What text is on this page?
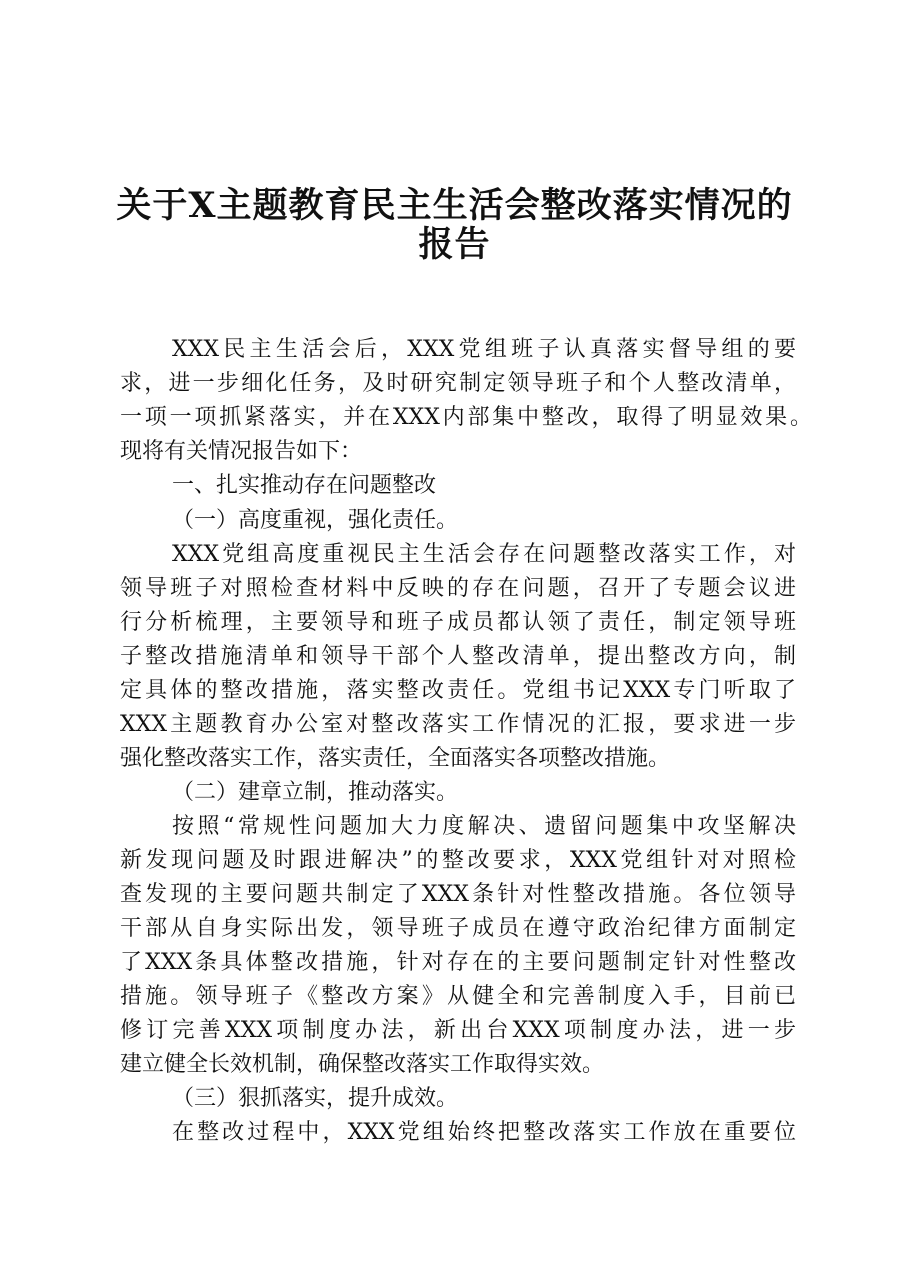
关于X主题教育民主生活会整改落实情况的
报告

XXX民主生活会后，XXX党组班子认真落实督导组的要

求，进一步细化任务，及时研究制定领导班子和个人整改清单，

一项一项抓紧落实，并在XXX内部集中整改，取得了明显效果。

现将有关情况报告如下：

一、扎实推动存在问题整改

（一）高度重视，强化责任。

XXX党组高度重视民主生活会存在问题整改落实工作，对

领导班子对照检查材料中反映的存在问题，召开了专题会议进

行分析梳理，主要领导和班子成员都认领了责任，制定领导班

子整改措施清单和领导干部个人整改清单，提出整改方向，制

定具体的整改措施，落实整改责任。党组书记XXX专门听取了

XXX主题教育办公室对整改落实工作情况的汇报，要求进一步

强化整改落实工作，落实责任，全面落实各项整改措施。

（二）建章立制，推动落实。

按照“常规性问题加大力度解决、遗留问题集中攻坚解决

新发现问题及时跟进解决”的整改要求，XXX党组针对对照检

查发现的主要问题共制定了XXX条针对性整改措施。各位领导

干部从自身实际出发，领导班子成员在遵守政治纪律方面制定

了XXX条具体整改措施，针对存在的主要问题制定针对性整改

措施。领导班子《整改方案》从健全和完善制度入手，目前已

修订完善XXX项制度办法，新出台XXX项制度办法，进一步

建立健全长效机制，确保整改落实工作取得实效。

（三）狠抓落实，提升成效。

在整改过程中，XXX党组始终把整改落实工作放在重要位
